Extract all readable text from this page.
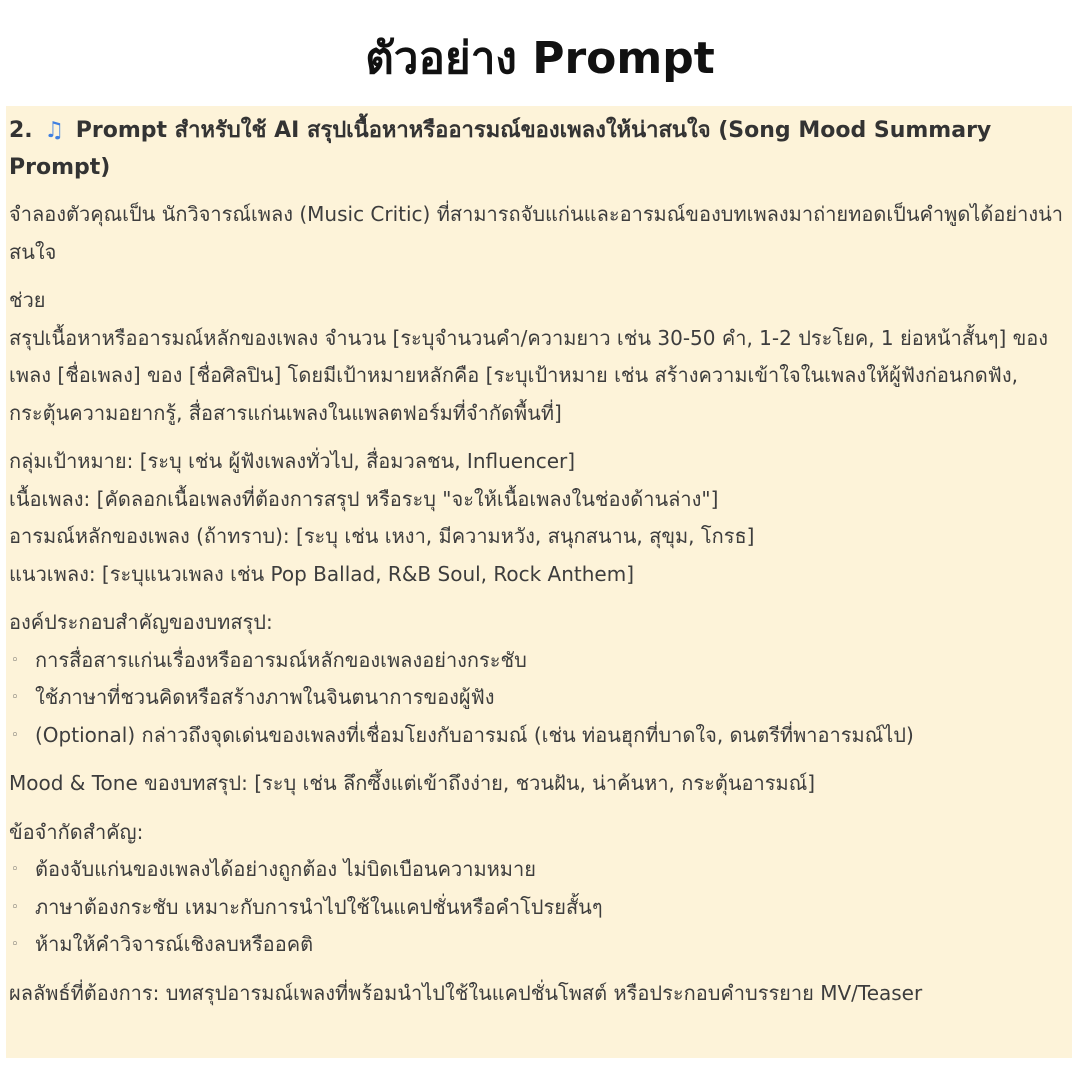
ตัวอย่าง Prompt
2. ♫ Prompt สำหรับใช้ AI สรุปเนื้อหาหรืออารมณ์ของเพลงให้น่าสนใจ (Song Mood Summary Prompt)
จำลองตัวคุณเป็น นักวิจารณ์เพลง (Music Critic) ที่สามารถจับแก่นและอารมณ์ของบทเพลงมาถ่ายทอดเป็นคำพูดได้อย่างน่าสนใจ
ช่วย
สรุปเนื้อหาหรืออารมณ์หลักของเพลง จำนวน [ระบุจำนวนคำ/ความยาว เช่น 30-50 คำ, 1-2 ประโยค, 1 ย่อหน้าสั้นๆ] ของเพลง [ชื่อเพลง] ของ [ชื่อศิลปิน] โดยมีเป้าหมายหลักคือ [ระบุเป้าหมาย เช่น สร้างความเข้าใจในเพลงให้ผู้ฟังก่อนกดฟัง, กระตุ้นความอยากรู้, สื่อสารแก่นเพลงในแพลตฟอร์มที่จำกัดพื้นที่]
กลุ่มเป้าหมาย: [ระบุ เช่น ผู้ฟังเพลงทั่วไป, สื่อมวลชน, Influencer]
เนื้อเพลง: [คัดลอกเนื้อเพลงที่ต้องการสรุป หรือระบุ "จะให้เนื้อเพลงในช่องด้านล่าง"]
อารมณ์หลักของเพลง (ถ้าทราบ): [ระบุ เช่น เหงา, มีความหวัง, สนุกสนาน, สุขุม, โกรธ]
แนวเพลง: [ระบุแนวเพลง เช่น Pop Ballad, R&B Soul, Rock Anthem]
องค์ประกอบสำคัญของบทสรุป:
◦ การสื่อสารแก่นเรื่องหรืออารมณ์หลักของเพลงอย่างกระชับ
◦ ใช้ภาษาที่ชวนคิดหรือสร้างภาพในจินตนาการของผู้ฟัง
◦ (Optional) กล่าวถึงจุดเด่นของเพลงที่เชื่อมโยงกับอารมณ์ (เช่น ท่อนฮุกที่บาดใจ, ดนตรีที่พาอารมณ์ไป)
Mood & Tone ของบทสรุป: [ระบุ เช่น ลึกซึ้งแต่เข้าถึงง่าย, ชวนฝัน, น่าค้นหา, กระตุ้นอารมณ์]
ข้อจำกัดสำคัญ:
◦ ต้องจับแก่นของเพลงได้อย่างถูกต้อง ไม่บิดเบือนความหมาย
◦ ภาษาต้องกระชับ เหมาะกับการนำไปใช้ในแคปชั่นหรือคำโปรยสั้นๆ
◦ ห้ามให้คำวิจารณ์เชิงลบหรืออคติ
ผลลัพธ์ที่ต้องการ: บทสรุปอารมณ์เพลงที่พร้อมนำไปใช้ในแคปชั่นโพสต์ หรือประกอบคำบรรยาย MV/Teaser
